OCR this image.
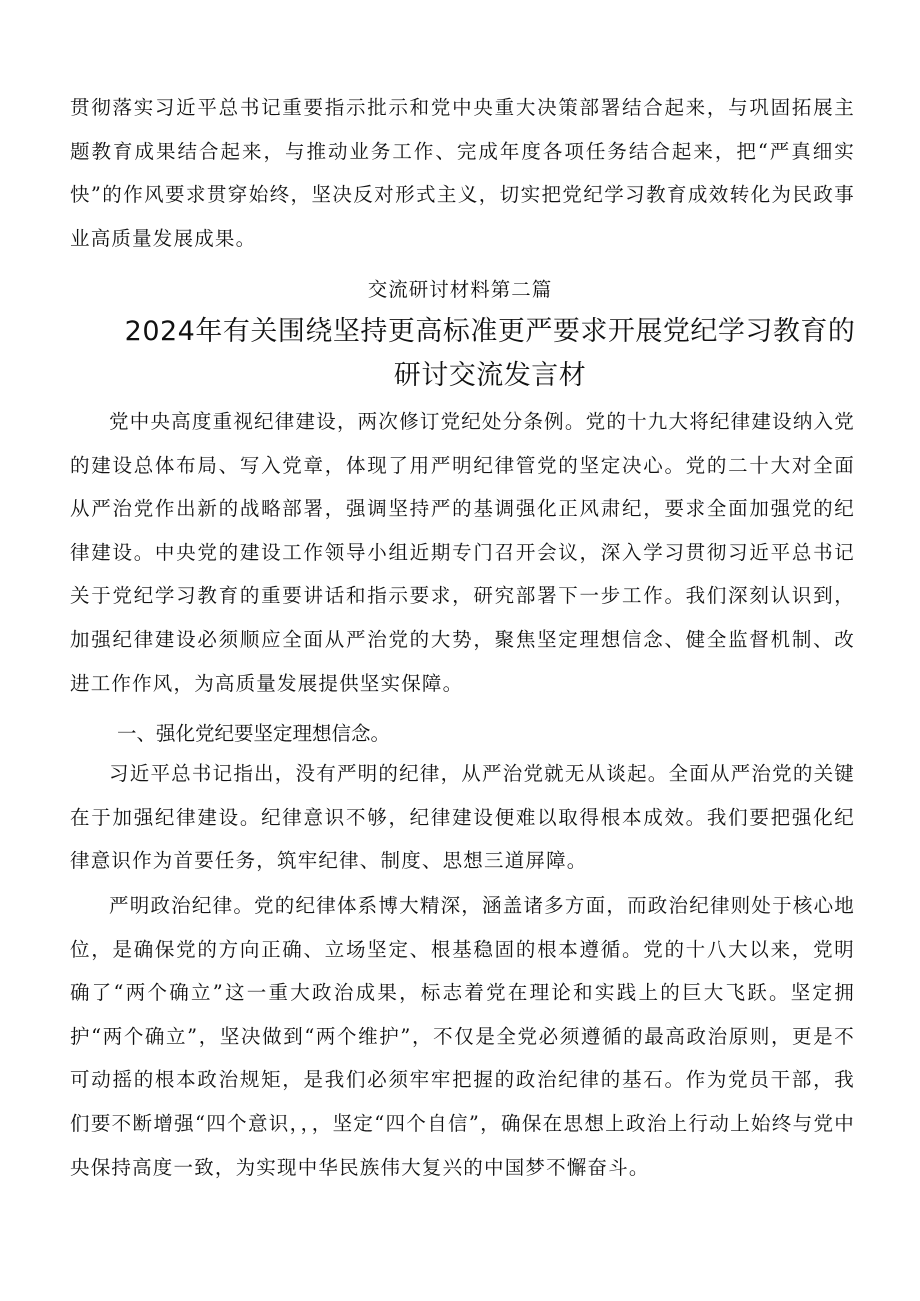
贯彻落实习近平总书记重要指示批示和党中央重大决策部署结合起来，与巩固拓展主题教育成果结合起来，与推动业务工作、完成年度各项任务结合起来，把“严真细实快”的作风要求贯穿始终，坚决反对形式主义，切实把党纪学习教育成效转化为民政事业高质量发展成果。

交流研讨材料第二篇

2024年有关围绕坚持更高标准更严要求开展党纪学习教育的
研讨交流发言材

党中央高度重视纪律建设，两次修订党纪处分条例。党的十九大将纪律建设纳入党的建设总体布局、写入党章，体现了用严明纪律管党的坚定决心。党的二十大对全面从严治党作出新的战略部署，强调坚持严的基调强化正风肃纪，要求全面加强党的纪律建设。中央党的建设工作领导小组近期专门召开会议，深入学习贯彻习近平总书记关于党纪学习教育的重要讲话和指示要求，研究部署下一步工作。我们深刻认识到，加强纪律建设必须顺应全面从严治党的大势，聚焦坚定理想信念、健全监督机制、改进工作作风，为高质量发展提供坚实保障。

一、强化党纪要坚定理想信念。

习近平总书记指出，没有严明的纪律，从严治党就无从谈起。全面从严治党的关键在于加强纪律建设。纪律意识不够，纪律建设便难以取得根本成效。我们要把强化纪律意识作为首要任务，筑牢纪律、制度、思想三道屏障。

严明政治纪律。党的纪律体系博大精深，涵盖诸多方面，而政治纪律则处于核心地位，是确保党的方向正确、立场坚定、根基稳固的根本遵循。党的十八大以来，党明确了“两个确立”这一重大政治成果，标志着党在理论和实践上的巨大飞跃。坚定拥护“两个确立”，坚决做到“两个维护”，不仅是全党必须遵循的最高政治原则，更是不可动摇的根本政治规矩，是我们必须牢牢把握的政治纪律的基石。作为党员干部，我们要不断增强“四个意识，，，坚定“四个自信”，确保在思想上政治上行动上始终与党中央保持高度一致，为实现中华民族伟大复兴的中国梦不懈奋斗。
